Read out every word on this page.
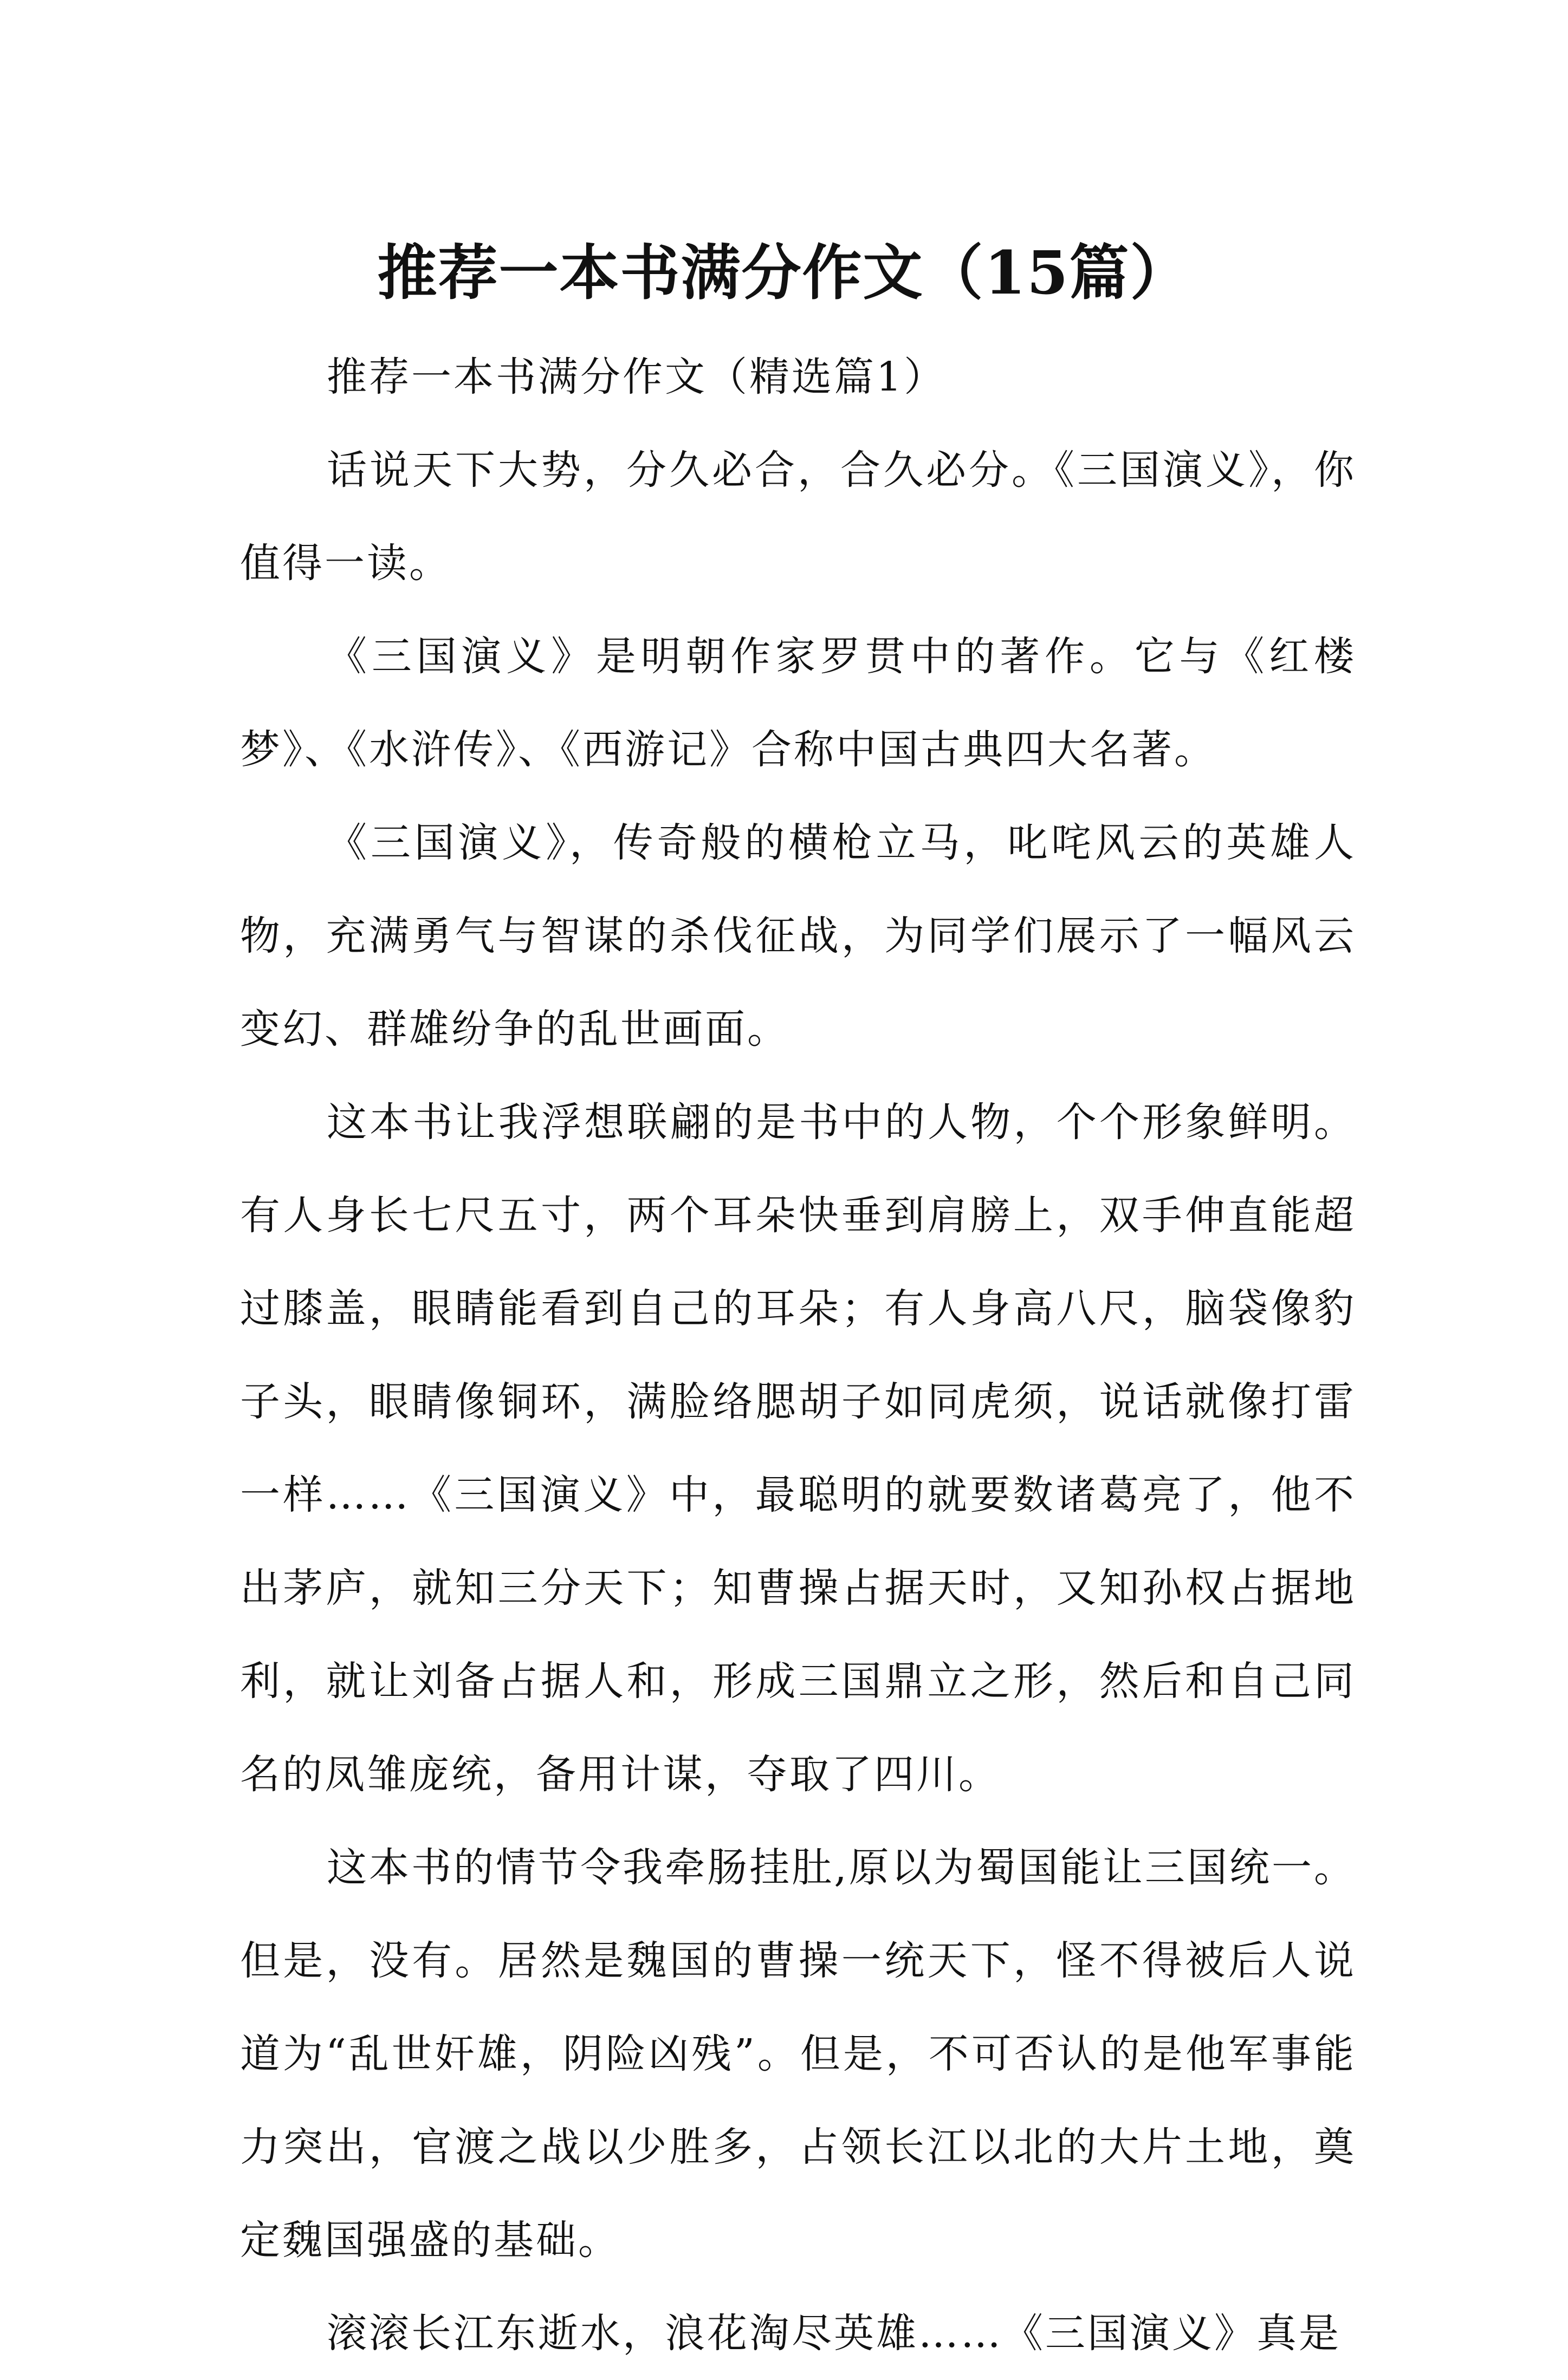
推荐一本书满分作文（15篇）

推荐一本书满分作文（精选篇1）

话说天下大势，分久必合，合久必分。《三国演义》，你值得一读。

《三国演义》是明朝作家罗贯中的著作。它与《红楼梦》、《水浒传》、《西游记》合称中国古典四大名著。

《三国演义》，传奇般的横枪立马，叱咤风云的英雄人物，充满勇气与智谋的杀伐征战，为同学们展示了一幅风云变幻、群雄纷争的乱世画面。

这本书让我浮想联翩的是书中的人物，个个形象鲜明。有人身长七尺五寸，两个耳朵快垂到肩膀上，双手伸直能超过膝盖，眼睛能看到自己的耳朵；有人身高八尺，脑袋像豹子头，眼睛像铜环，满脸络腮胡子如同虎须，说话就像打雷一样……《三国演义》中，最聪明的就要数诸葛亮了，他不出茅庐，就知三分天下；知曹操占据天时，又知孙权占据地利，就让刘备占据人和，形成三国鼎立之形，然后和自己同名的凤雏庞统，备用计谋，夺取了四川。

这本书的情节令我牵肠挂肚,原以为蜀国能让三国统一。但是，没有。居然是魏国的曹操一统天下，怪不得被后人说道为“乱世奸雄，阴险凶残”。但是，不可否认的是他军事能力突出，官渡之战以少胜多，占领长江以北的大片土地，奠定魏国强盛的基础。

滚滚长江东逝水，浪花淘尽英雄……《三国演义》真是
